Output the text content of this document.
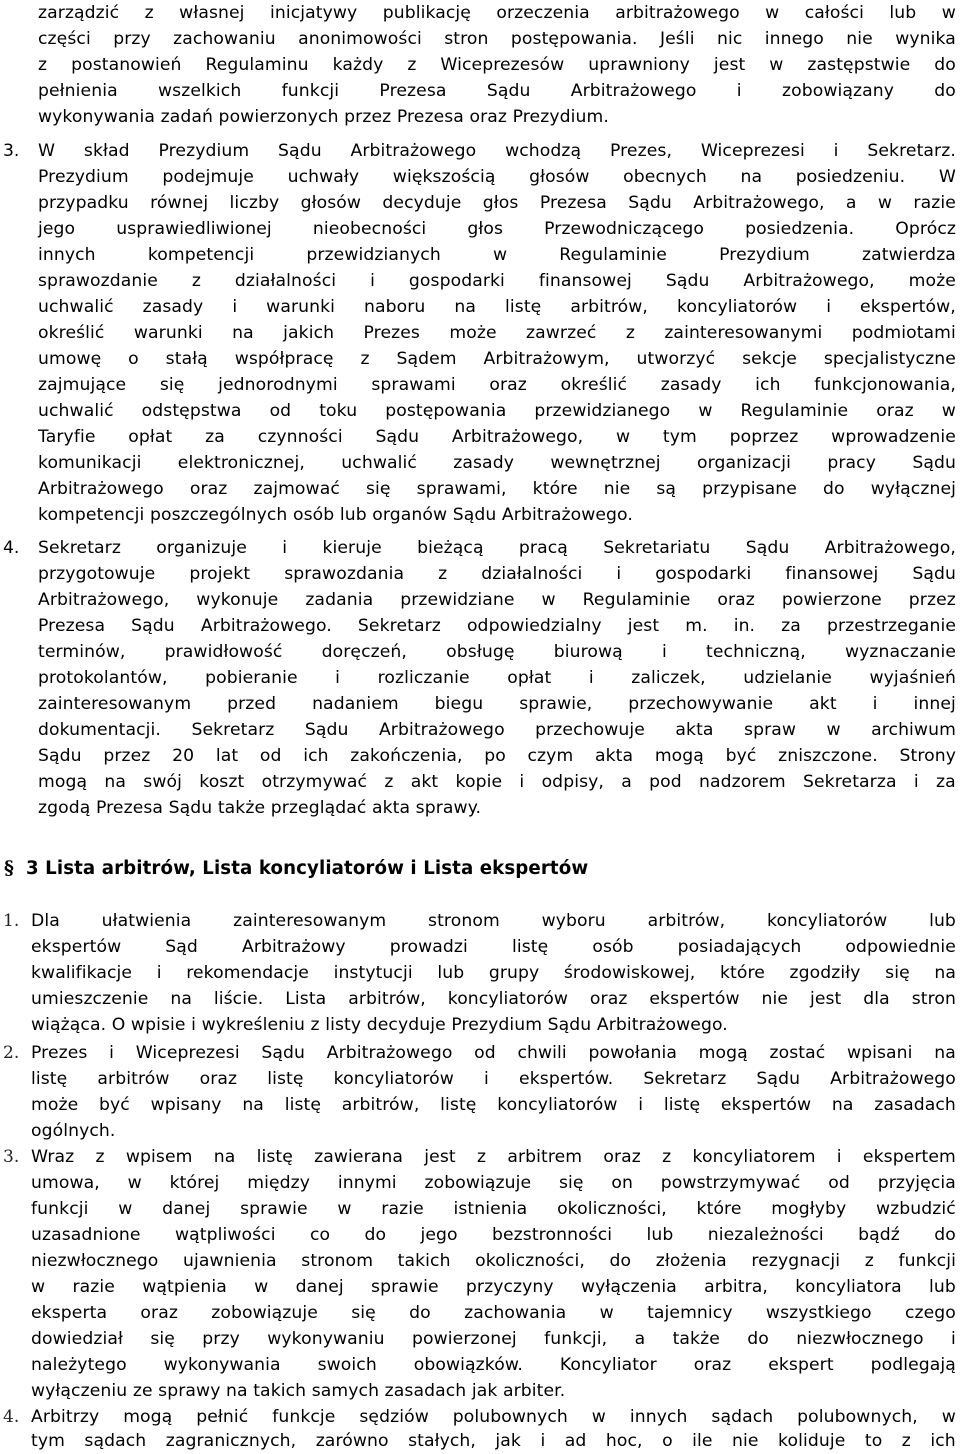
zarządzić z własnej inicjatywy publikację orzeczenia arbitrażowego w całości lub w
części przy zachowaniu anonimowości stron postępowania. Jeśli nic innego nie wynika
z postanowień Regulaminu każdy z Wiceprezesów uprawniony jest w zastępstwie do
pełnienia wszelkich funkcji Prezesa Sądu Arbitrażowego i zobowiązany do
wykonywania zadań powierzonych przez Prezesa oraz Prezydium.
3. W skład Prezydium Sądu Arbitrażowego wchodzą Prezes, Wiceprezesi i Sekretarz.
Prezydium podejmuje uchwały większością głosów obecnych na posiedzeniu. W
przypadku równej liczby głosów decyduje głos Prezesa Sądu Arbitrażowego, a w razie
jego usprawiedliwionej nieobecności głos Przewodniczącego posiedzenia. Oprócz
innych	kompetencji	przewidzianych	w	Regulaminie	Prezydium	zatwierdza
sprawozdanie z działalności i gospodarki finansowej Sądu Arbitrażowego, może
uchwalić zasady i warunki naboru na listę arbitrów, koncyliatorów i ekspertów,
określić warunki na jakich Prezes może zawrzeć z zainteresowanymi podmiotami
umowę o stałą współpracę z Sądem Arbitrażowym, utworzyć sekcje specjalistyczne
zajmujące się jednorodnymi sprawami oraz określić zasady ich funkcjonowania,
uchwalić odstępstwa od toku postępowania przewidzianego w Regulaminie oraz w
Taryfie opłat za czynności Sądu Arbitrażowego, w tym poprzez wprowadzenie
komunikacji elektronicznej, uchwalić zasady wewnętrznej organizacji pracy Sądu
Arbitrażowego oraz zajmować się sprawami, które nie są przypisane do wyłącznej
kompetencji poszczególnych osób lub organów Sądu Arbitrażowego.
4. Sekretarz organizuje i kieruje bieżącą pracą Sekretariatu Sądu Arbitrażowego,
przygotowuje projekt sprawozdania z działalności i gospodarki finansowej Sądu
Arbitrażowego, wykonuje zadania przewidziane w Regulaminie oraz powierzone przez
Prezesa Sądu Arbitrażowego. Sekretarz odpowiedzialny jest m. in. za przestrzeganie
terminów, prawidłowość doręczeń, obsługę biurową i techniczną, wyznaczanie
protokolantów, pobieranie i rozliczanie opłat i zaliczek, udzielanie wyjaśnień
zainteresowanym przed nadaniem biegu sprawie, przechowywanie akt i innej
dokumentacji. Sekretarz Sądu Arbitrażowego przechowuje akta spraw w archiwum
Sądu przez 20 lat od ich zakończenia, po czym akta mogą być zniszczone. Strony
mogą na swój koszt otrzymywać z akt kopie i odpisy, a pod nadzorem Sekretarza i za
zgodą Prezesa Sądu także przeglądać akta sprawy.
§ 3 Lista arbitrów, Lista koncyliatorów i Lista ekspertów
1. Dla ułatwienia zainteresowanym stronom wyboru arbitrów, koncyliatorów lub
ekspertów	Sąd	Arbitrażowy	prowadzi	listę	osób	posiadających	odpowiednie
kwalifikacje i rekomendacje instytucji lub grupy środowiskowej, które zgodziły się na
umieszczenie na liście. Lista arbitrów, koncyliatorów oraz ekspertów nie jest dla stron
wiążąca. O wpisie i wykreśleniu z listy decyduje Prezydium Sądu Arbitrażowego.
2. Prezes i Wiceprezesi Sądu Arbitrażowego od chwili powołania mogą zostać wpisani na
listę arbitrów oraz listę koncyliatorów i ekspertów. Sekretarz Sądu Arbitrażowego
może być wpisany na listę arbitrów, listę koncyliatorów i listę ekspertów na zasadach
ogólnych.
3. Wraz z wpisem na listę zawierana jest z arbitrem oraz z koncyliatorem i ekspertem
umowa, w której między innymi zobowiązuje się on powstrzymywać od przyjęcia
funkcji w danej sprawie w razie istnienia okoliczności, które mogłyby wzbudzić
uzasadnione wątpliwości co do jego bezstronności lub niezależności bądź do
niezwłocznego ujawnienia stronom takich okoliczności, do złożenia rezygnacji z funkcji
w razie wątpienia w danej sprawie przyczyny wyłączenia arbitra, koncyliatora lub
eksperta oraz zobowiązuje się do zachowania w tajemnicy wszystkiego czego
dowiedział się przy wykonywaniu powierzonej funkcji, a także do niezwłocznego i
należytego wykonywania swoich obowiązków. Koncyliator oraz ekspert podlegają
wyłączeniu ze sprawy na takich samych zasadach jak arbiter.
4. Arbitrzy mogą pełnić funkcje sędziów polubownych w innych sądach polubownych, w
tym sądach zagranicznych, zarówno stałych, jak i ad hoc, o ile nie koliduje to z ich
